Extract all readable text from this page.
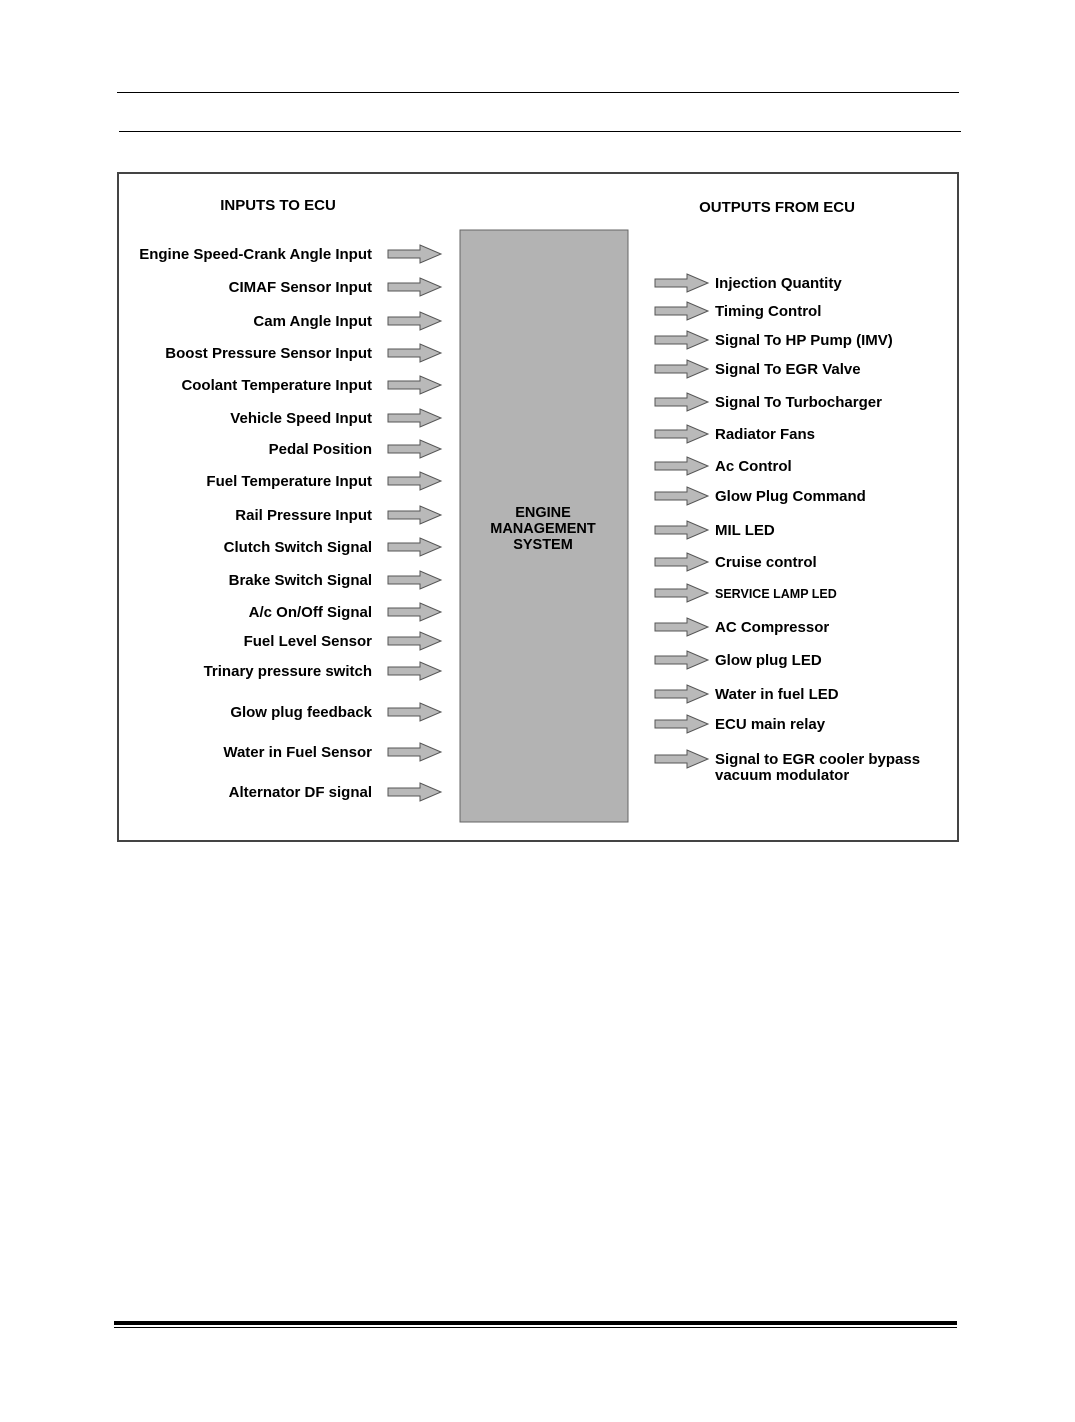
INPUTS TO ECU	OUTPUTS FROM ECU
ENGINE
MANAGEMENT
SYSTEM
Engine Speed-Crank Angle Input
CIMAF Sensor Input
Cam Angle Input
Boost Pressure Sensor Input
Coolant Temperature Input
Vehicle Speed Input
Pedal Position
Fuel Temperature Input
Rail Pressure Input
Clutch Switch Signal
Brake Switch Signal
A/c On/Off Signal
Fuel Level Sensor
Trinary pressure switch
Glow plug feedback
Water in Fuel Sensor
Alternator DF signal
Injection Quantity
Timing Control
Signal To HP Pump (IMV)
Signal To EGR Valve
Signal To Turbocharger
Radiator Fans
Ac Control
Glow Plug Command
MIL LED
Cruise control
SERVICE LAMP LED
AC Compressor
Glow plug LED
Water in fuel LED
ECU main relay
Signal to EGR cooler bypass
vacuum modulator
